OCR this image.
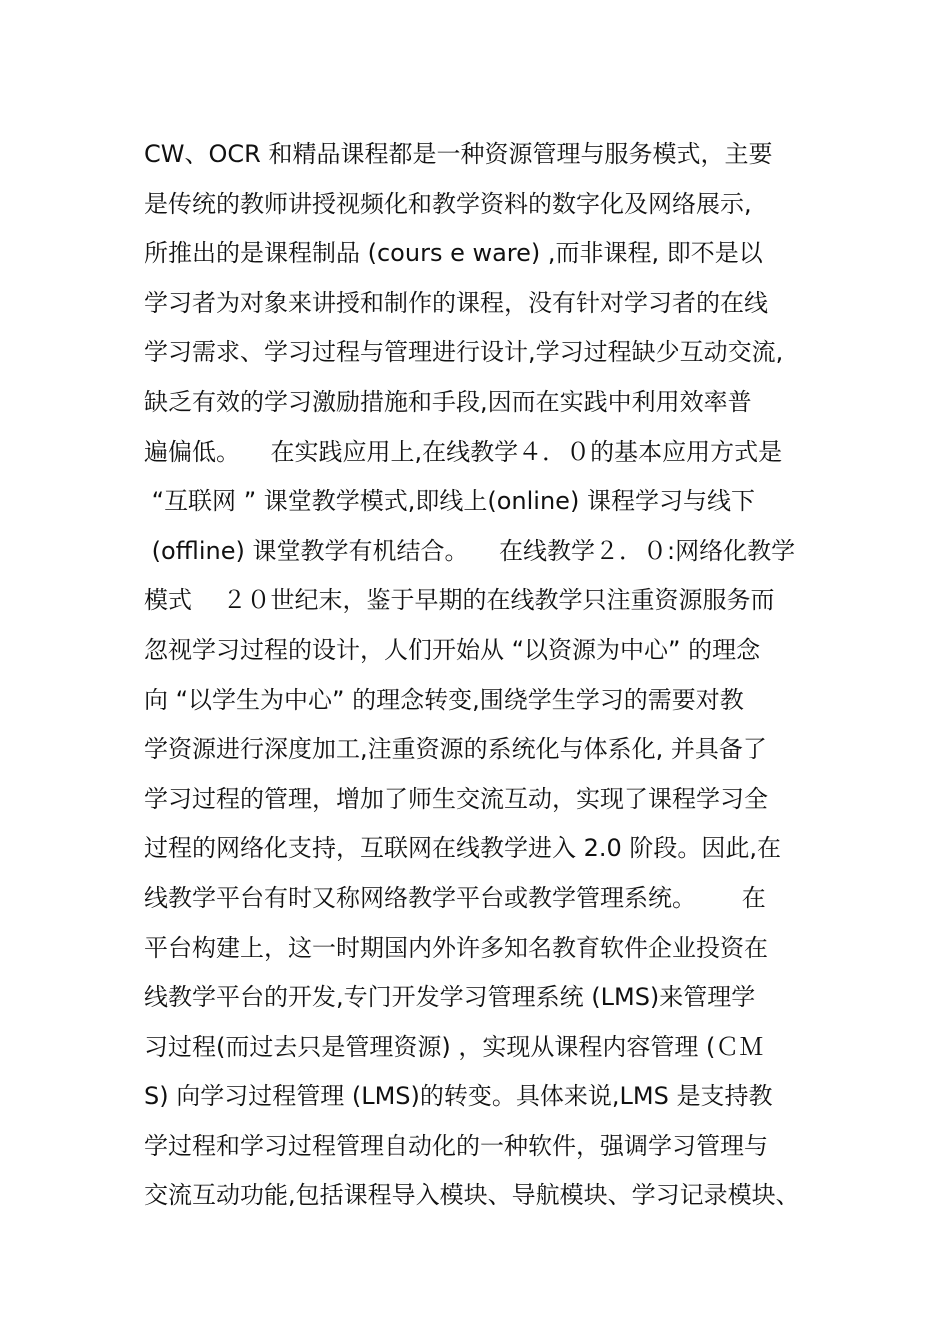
CW、OCR 和精品课程都是一种资源管理与服务模式，主要
是传统的教师讲授视频化和教学资料的数字化及网络展示,
所推出的是课程制品 (cours e ware) ,而非课程, 即不是以
学习者为对象来讲授和制作的课程，没有针对学习者的在线
学习需求、学习过程与管理进行设计,学习过程缺少互动交流,
缺乏有效的学习激励措施和手段,因而在实践中利用效率普
遍偏低。    在实践应用上,在线教学４．０的基本应用方式是
“互联网 ” 课堂教学模式,即线上(online) 课程学习与线下
(offline) 课堂教学有机结合。    在线教学２．０:网络化教学
模式    ２０世纪末，鉴于早期的在线教学只注重资源服务而
忽视学习过程的设计，人们开始从 “以资源为中心” 的理念
向 “以学生为中心” 的理念转变,围绕学生学习的需要对教
学资源进行深度加工,注重资源的系统化与体系化, 并具备了
学习过程的管理，增加了师生交流互动，实现了课程学习全
过程的网络化支持，互联网在线教学进入 2.0 阶段。因此,在
线教学平台有时又称网络教学平台或教学管理系统。      在
平台构建上，这一时期国内外许多知名教育软件企业投资在
线教学平台的开发,专门开发学习管理系统 (LMS)来管理学
习过程(而过去只是管理资源) ，实现从课程内容管理 (ＣＭ
S) 向学习过程管理 (LMS)的转变。具体来说,LMS 是支持教
学过程和学习过程管理自动化的一种软件，强调学习管理与
交流互动功能,包括课程导入模块、导航模块、学习记录模块、
